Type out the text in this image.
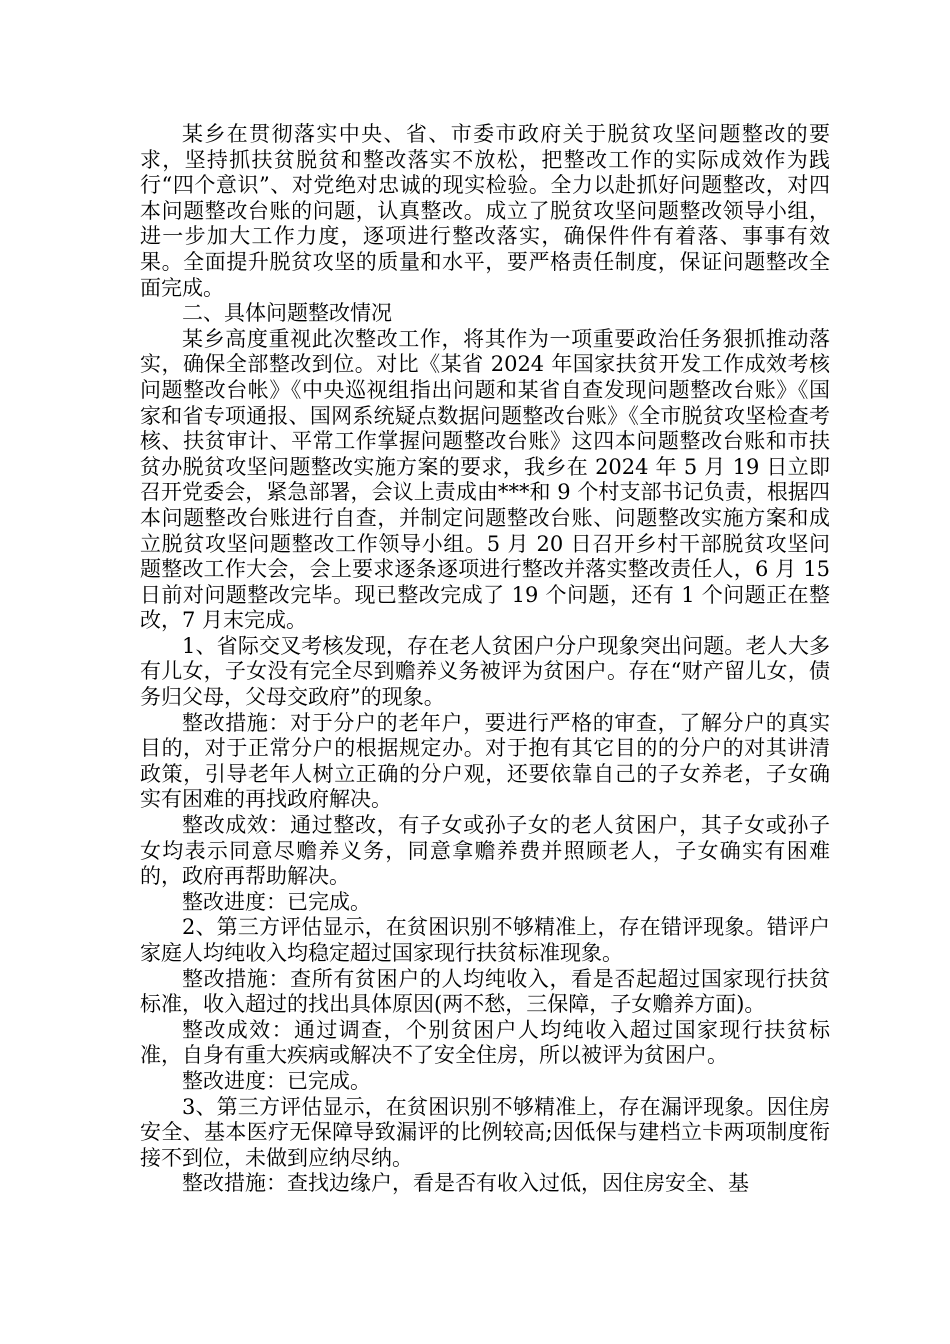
某乡在贯彻落实中央、省、市委市政府关于脱贫攻坚问题整改的要求，坚持抓扶贫脱贫和整改落实不放松，把整改工作的实际成效作为践行“四个意识”、对党绝对忠诚的现实检验。全力以赴抓好问题整改，对四本问题整改台账的问题，认真整改。成立了脱贫攻坚问题整改领导小组，进一步加大工作力度，逐项进行整改落实，确保件件有着落、事事有效果。全面提升脱贫攻坚的质量和水平，要严格责任制度，保证问题整改全面完成。

二、具体问题整改情况

某乡高度重视此次整改工作，将其作为一项重要政治任务狠抓推动落实，确保全部整改到位。对比《某省 2024 年国家扶贫开发工作成效考核问题整改台帐》《中央巡视组指出问题和某省自查发现问题整改台账》《国家和省专项通报、国网系统疑点数据问题整改台账》《全市脱贫攻坚检查考核、扶贫审计、平常工作掌握问题整改台账》这四本问题整改台账和市扶贫办脱贫攻坚问题整改实施方案的要求，我乡在 2024 年 5 月 19 日立即召开党委会，紧急部署，会议上责成由***和 9 个村支部书记负责，根据四本问题整改台账进行自查，并制定问题整改台账、问题整改实施方案和成立脱贫攻坚问题整改工作领导小组。5 月 20 日召开乡村干部脱贫攻坚问题整改工作大会，会上要求逐条逐项进行整改并落实整改责任人，6 月 15 日前对问题整改完毕。现已整改完成了 19 个问题，还有 1 个问题正在整改，7 月末完成。

1、省际交叉考核发现，存在老人贫困户分户现象突出问题。老人大多有儿女，子女没有完全尽到赡养义务被评为贫困户。存在“财产留儿女，债务归父母，父母交政府”的现象。

整改措施：对于分户的老年户，要进行严格的审查，了解分户的真实目的，对于正常分户的根据规定办。对于抱有其它目的的分户的对其讲清政策，引导老年人树立正确的分户观，还要依靠自己的子女养老，子女确实有困难的再找政府解决。

整改成效：通过整改，有子女或孙子女的老人贫困户，其子女或孙子女均表示同意尽赡养义务，同意拿赡养费并照顾老人，子女确实有困难的，政府再帮助解决。

整改进度：已完成。

2、第三方评估显示，在贫困识别不够精准上，存在错评现象。错评户家庭人均纯收入均稳定超过国家现行扶贫标准现象。

整改措施：查所有贫困户的人均纯收入，看是否起超过国家现行扶贫标准，收入超过的找出具体原因(两不愁，三保障，子女赡养方面)。

整改成效：通过调查，个别贫困户人均纯收入超过国家现行扶贫标准，自身有重大疾病或解决不了安全住房，所以被评为贫困户。

整改进度：已完成。

3、第三方评估显示，在贫困识别不够精准上，存在漏评现象。因住房安全、基本医疗无保障导致漏评的比例较高;因低保与建档立卡两项制度衔接不到位，未做到应纳尽纳。

整改措施：查找边缘户，看是否有收入过低，因住房安全、基
